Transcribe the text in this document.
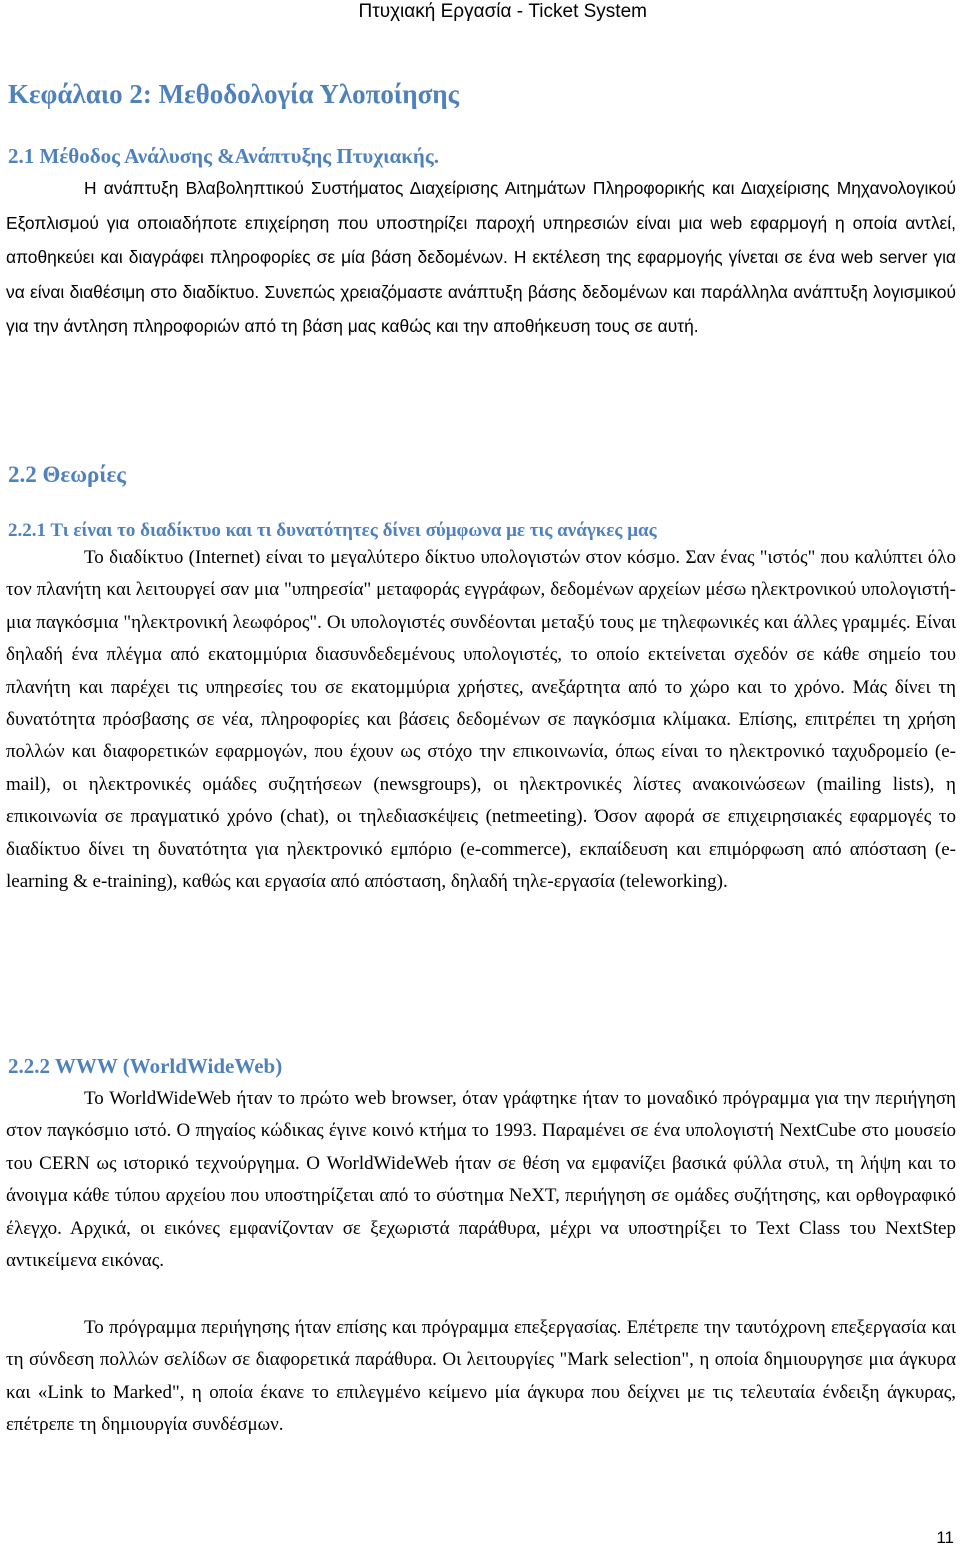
Πτυχιακή Εργασία - Ticket System
Κεφάλαιο 2: Μεθοδολογία Υλοποίησης
2.1 Μέθοδος Ανάλυσης &Ανάπτυξης Πτυχιακής.

Η ανάπτυξη Βλαβοληπτικού Συστήματος Διαχείρισης Αιτημάτων Πληροφορικής και Διαχείρισης Μηχανολογικού Εξοπλισμού για οποιαδήποτε επιχείρηση που υποστηρίζει παροχή υπηρεσιών είναι μια web εφαρμογή η οποία αντλεί, αποθηκεύει και διαγράφει πληροφορίες σε μία βάση δεδομένων. Η εκτέλεση της εφαρμογής γίνεται σε ένα web server για να είναι διαθέσιμη στο διαδίκτυο. Συνεπώς χρειαζόμαστε ανάπτυξη βάσης δεδομένων και παράλληλα ανάπτυξη λογισμικού για την άντληση πληροφοριών από τη βάση μας καθώς και την αποθήκευση τους σε αυτή.

2.2 Θεωρίες
2.2.1 Τι είναι το διαδίκτυο και τι δυνατότητες δίνει σύμφωνα με τις ανάγκες μας

Το διαδίκτυο (Internet) είναι το μεγαλύτερο δίκτυο υπολογιστών στον κόσμο. Σαν ένας "ιστός" που καλύπτει όλο τον πλανήτη και λειτουργεί σαν μια "υπηρεσία" μεταφοράς εγγράφων, δεδομένων αρχείων μέσω ηλεκτρονικού υπολογιστή- μια παγκόσμια "ηλεκτρονική λεωφόρος". Οι υπολογιστές συνδέονται μεταξύ τους με τηλεφωνικές και άλλες γραμμές. Είναι δηλαδή ένα πλέγμα από εκατομμύρια διασυνδεδεμένους υπολογιστές, το οποίο εκτείνεται σχεδόν σε κάθε σημείο του πλανήτη και παρέχει τις υπηρεσίες του σε εκατομμύρια χρήστες, ανεξάρτητα από το χώρο και το χρόνο. Μάς δίνει τη δυνατότητα πρόσβασης σε νέα, πληροφορίες και βάσεις δεδομένων σε παγκόσμια κλίμακα. Επίσης, επιτρέπει τη χρήση πολλών και διαφορετικών εφαρμογών, που έχουν ως στόχο την επικοινωνία, όπως είναι το ηλεκτρονικό ταχυδρομείο (e-mail), οι ηλεκτρονικές ομάδες συζητήσεων (newsgroups), οι ηλεκτρονικές λίστες ανακοινώσεων (mailing lists), η επικοινωνία σε πραγματικό χρόνο (chat), οι τηλεδιασκέψεις (netmeeting). Όσον αφορά σε επιχειρησιακές εφαρμογές το διαδίκτυο δίνει τη δυνατότητα για ηλεκτρονικό εμπόριο (e-commerce), εκπαίδευση και επιμόρφωση από απόσταση (e-learning & e-training), καθώς και εργασία από απόσταση, δηλαδή τηλε-εργασία (teleworking).

2.2.2 WWW (WorldWideWeb)

Το WorldWideWeb ήταν το πρώτο web browser, όταν γράφτηκε ήταν το μοναδικό πρόγραμμα για την περιήγηση στον παγκόσμιο ιστό. Ο πηγαίος κώδικας έγινε κοινό κτήμα το 1993. Παραμένει σε ένα υπολογιστή NextCube στο μουσείο του CERN ως ιστορικό τεχνούργημα. Ο WorldWideWeb ήταν σε θέση να εμφανίζει βασικά φύλλα στυλ, τη λήψη και το άνοιγμα κάθε τύπου αρχείου που υποστηρίζεται από το σύστημα NeXT, περιήγηση σε ομάδες συζήτησης, και ορθογραφικό έλεγχο. Αρχικά, οι εικόνες εμφανίζονταν σε ξεχωριστά παράθυρα, μέχρι να υποστηρίξει το Text Class του NextStep αντικείμενα εικόνας.

Το πρόγραμμα περιήγησης ήταν επίσης και πρόγραμμα επεξεργασίας. Επέτρεπε την ταυτόχρονη επεξεργασία και τη σύνδεση πολλών σελίδων σε διαφορετικά παράθυρα. Οι λειτουργίες "Mark selection", η οποία δημιουργησε μια άγκυρα και «Link to Marked", η οποία έκανε το επιλεγμένο κείμενο μία άγκυρα που δείχνει με τις τελευταία ένδειξη άγκυρας, επέτρεπε τη δημιουργία συνδέσμων.

11
